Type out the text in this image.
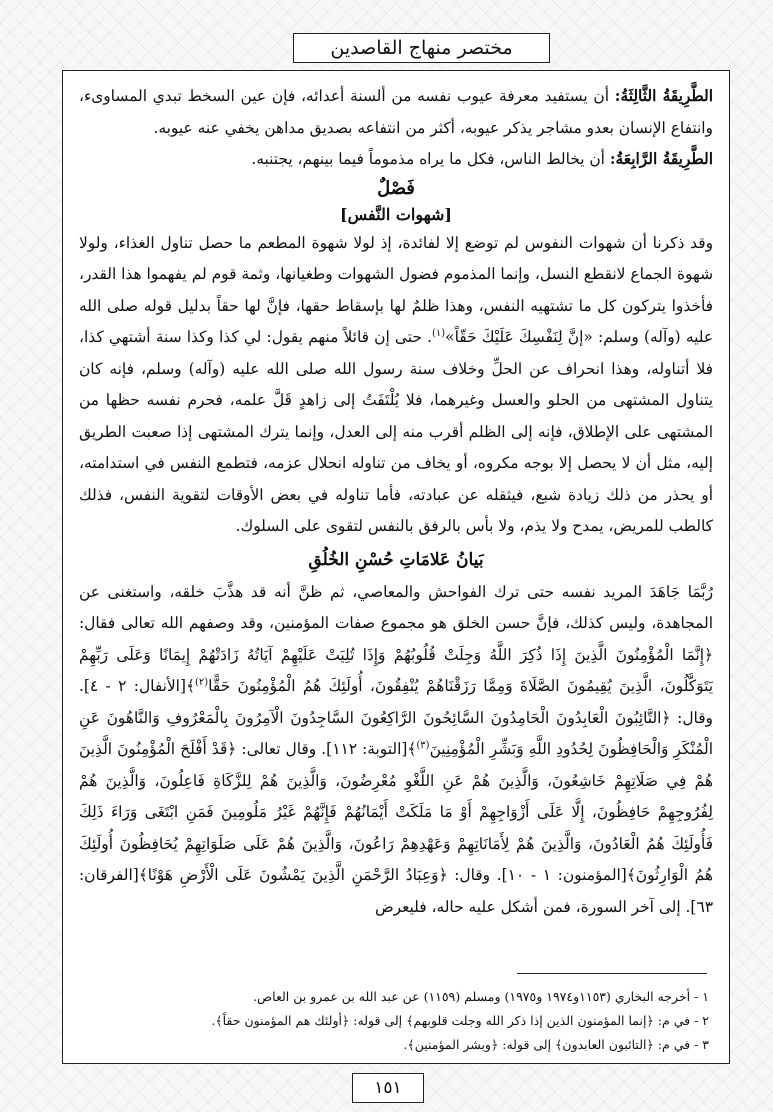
مختصر منهاج القاصدين

الطَّرِيقَةُ الثَّالِثَةُ: أن يستفيد معرفة عيوب نفسه من ألسنة أعدائه، فإن عين السخط تبدي المساوىء، وانتفاع الإنسان بعدو مشاجر يذكر عيوبه، أكثر من انتفاعه بصديق مداهن يخفي عنه عيوبه.

الطَّرِيقَةُ الرَّابِعَةُ: أن يخالط الناس، فكل ما يراه مذموماً فيما بينهم، يجتنبه.

فَصْلٌ
[شهوات النَّفس]

وقد ذكرنا أن شهوات النفوس لم توضع إلا لفائدة، إذ لولا شهوة المطعم ما حصل تناول الغذاء، ولولا شهوة الجماع لانقطع النسل، وإنما المذموم فضول الشهوات وطغيانها، وثمة قوم لم يفهموا هذا القدر، فأخذوا يتركون كل ما تشتهيه النفس، وهذا ظلمٌ لها بإسقاط حقها، فإنَّ لها حقاً بدليل قوله صلى الله عليه (وآله) وسلم: «إنَّ لِنَفْسِكَ عَلَيْكَ حَقّاً»$^{(١)}$. حتى إن قائلاً منهم يقول: لي كذا وكذا سنة أشتهي كذا، فلا أتناوله، وهذا انحراف عن الحلِّ وخلاف سنة رسول الله صلى الله عليه (وآله) وسلم، فإنه كان يتناول المشتهى من الحلو والعسل وغيرهما، فلا يُلْتَفَتُ إلى زاهدٍ قَلَّ علمه، فحرم نفسه حظها من المشتهى على الإطلاق، فإنه إلى الظلم أقرب منه إلى العدل، وإنما يترك المشتهى إذا صعبت الطريق إليه، مثل أن لا يحصل إلا بوجه مكروه، أو يخاف من تناوله انحلال عزمه، فتطمع النفس في استدامته، أو يحذر من ذلك زيادة شبع، فيثقله عن عبادته، فأما تناوله في بعض الأوقات لتقوية النفس، فذلك كالطب للمريض، يمدح ولا يذم، ولا بأس بالرفق بالنفس لتقوى على السلوك.

بَيانُ عَلامَاتِ حُسْنِ الخُلُقِ

رُبَّمَا جَاهَدَ المريد نفسه حتى ترك الفواحش والمعاصي، ثم ظنَّ أنه قد هذَّبَ خلقه، واستغنى عن المجاهدة، وليس كذلك، فإنَّ حسن الخلق هو مجموع صفات المؤمنين، وقد وصفهم الله تعالى فقال: ﴿إِنَّمَا الْمُؤْمِنُونَ الَّذِينَ إِذَا ذُكِرَ اللَّهُ وَجِلَتْ قُلُوبُهُمْ وَإِذَا تُلِيَتْ عَلَيْهِمْ آيَاتُهُ زَادَتْهُمْ إِيمَانًا وَعَلَى رَبِّهِمْ يَتَوَكَّلُونَ، الَّذِينَ يُقِيمُونَ الصَّلَاةَ وَمِمَّا رَزَقْنَاهُمْ يُنْفِقُونَ، أُولَئِكَ هُمُ الْمُؤْمِنُونَ حَقًّا$^{(٢)}$﴾[الأنفال: ٢ - ٤]. وقال: ﴿التَّائِبُونَ الْعَابِدُونَ الْحَامِدُونَ السَّائِحُونَ الرَّاكِعُونَ السَّاجِدُونَ الْآمِرُونَ بِالْمَعْرُوفِ وَالنَّاهُونَ عَنِ الْمُنْكَرِ وَالْحَافِظُونَ لِحُدُودِ اللَّهِ وَبَشِّرِ الْمُؤْمِنِينَ$^{(٣)}$﴾[التوبة: ١١٢]. وقال تعالى: ﴿قَدْ أَفْلَحَ الْمُؤْمِنُونَ الَّذِينَ هُمْ فِي صَلَاتِهِمْ خَاشِعُونَ، وَالَّذِينَ هُمْ عَنِ اللَّغْوِ مُعْرِضُونَ، وَالَّذِينَ هُمْ لِلزَّكَاةِ فَاعِلُونَ، وَالَّذِينَ هُمْ لِفُرُوجِهِمْ حَافِظُونَ، إِلَّا عَلَى أَزْوَاجِهِمْ أَوْ مَا مَلَكَتْ أَيْمَانُهُمْ فَإِنَّهُمْ غَيْرُ مَلُومِينَ فَمَنِ ابْتَغَى وَرَاءَ ذَلِكَ فَأُولَئِكَ هُمُ الْعَادُونَ، وَالَّذِينَ هُمْ لِأَمَانَاتِهِمْ وَعَهْدِهِمْ رَاعُونَ، وَالَّذِينَ هُمْ عَلَى صَلَوَاتِهِمْ يُحَافِظُونَ أُولَئِكَ هُمُ الْوَارِثُونَ﴾[المؤمنون: ١ - ١٠]. وقال: ﴿وَعِبَادُ الرَّحْمَنِ الَّذِينَ يَمْشُونَ عَلَى الْأَرْضِ هَوْنًا﴾[الفرقان: ٦٣]. إلى آخر السورة، فمن أشكل عليه حاله، فليعرض

١ - أخرجه البخاري (١١٥٣و١٩٧٤ و١٩٧٥) ومسلم (١١٥٩) عن عبد الله بن عمرو بن العاص.
٢ - في م: ﴿إنما المؤمنون الذين إذا ذكر الله وجلت قلوبهم﴾ إلى قوله: ﴿أولئك هم المؤمنون حقاً﴾.
٣ - في م: ﴿التائبون العابدون﴾ إلى قوله: ﴿وبشر المؤمنين﴾.
١٥١
